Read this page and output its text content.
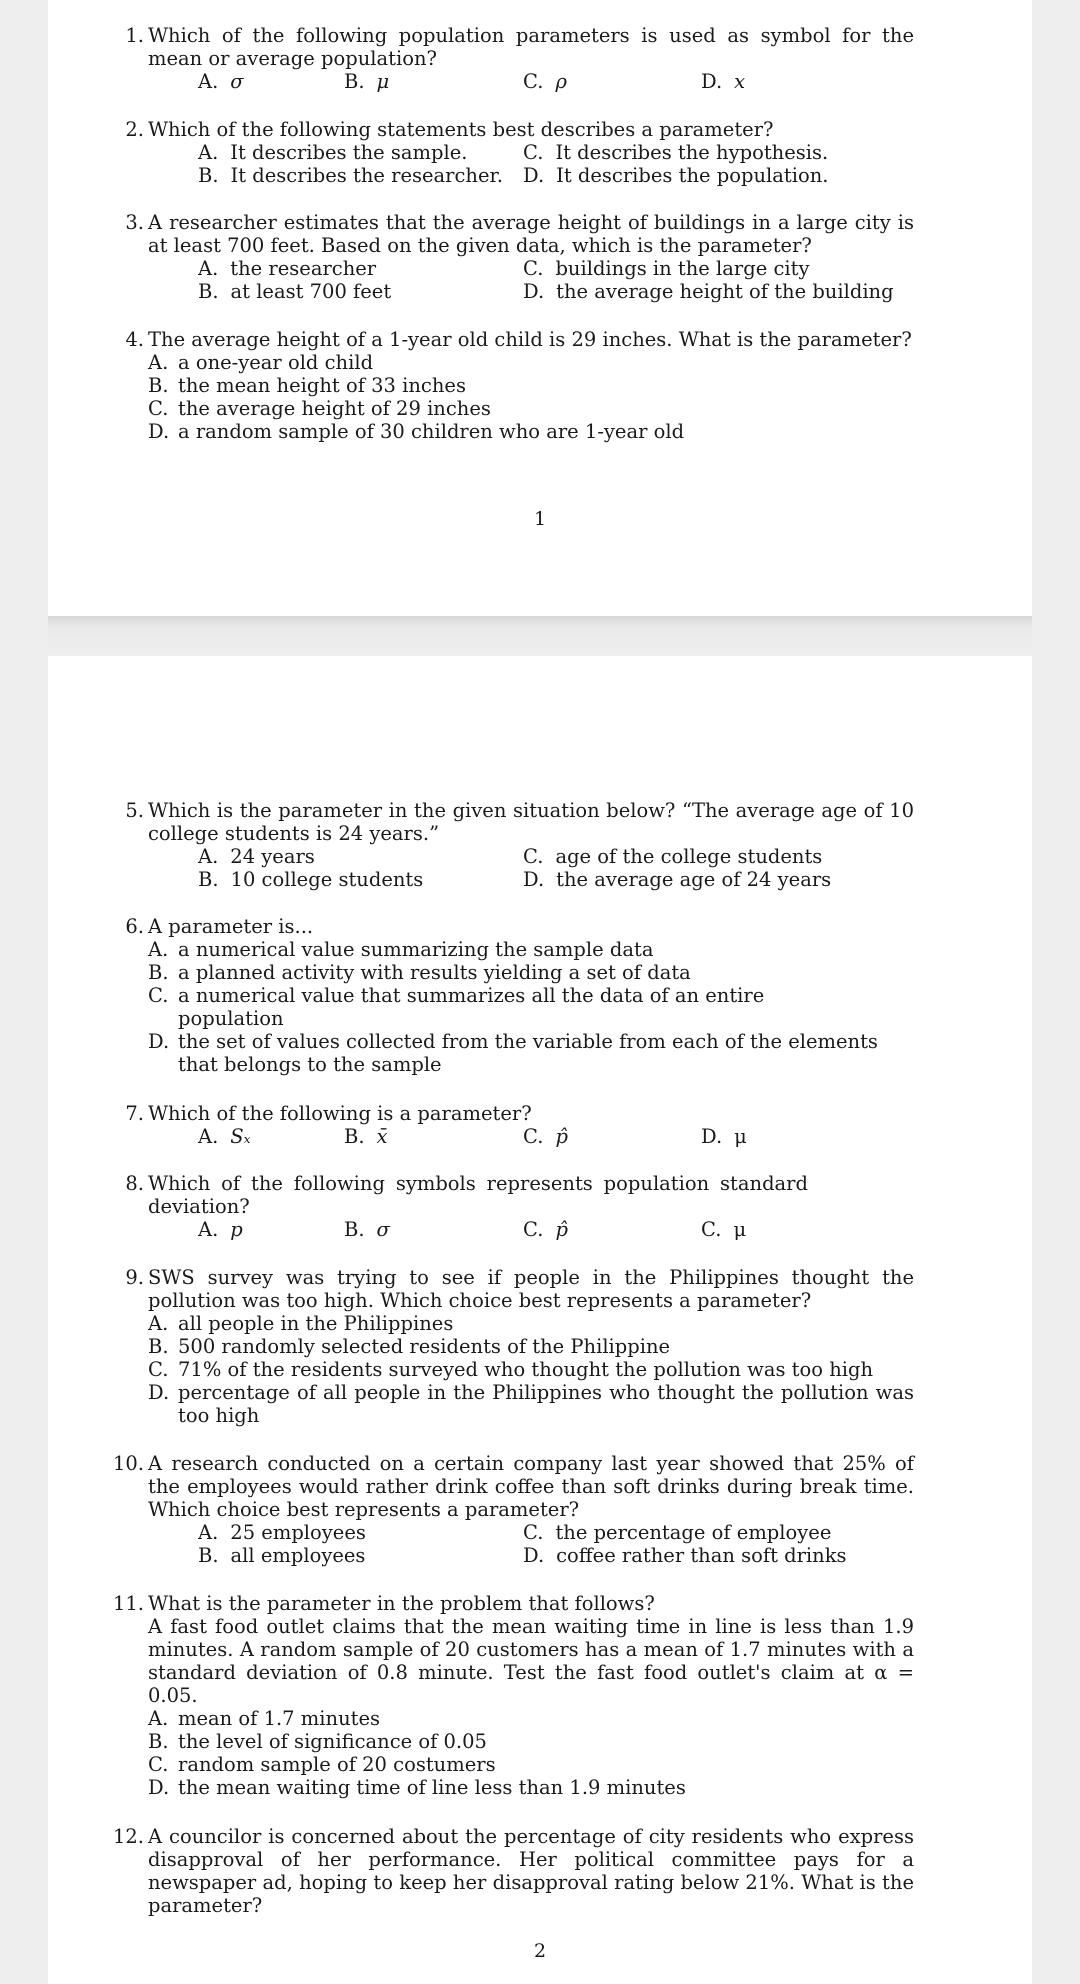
1. Which of the following population parameters is used as symbol for the mean or average population?
A. σ	B. μ	C. ρ	D. x
2. Which of the following statements best describes a parameter?
A. It describes the sample.	C. It describes the hypothesis.
B. It describes the researcher. D. It describes the population.
3. A researcher estimates that the average height of buildings in a large city is at least 700 feet. Based on the given data, which is the parameter?
A. the researcher	C. buildings in the large city
B. at least 700 feet	D. the average height of the building
4. The average height of a 1-year old child is 29 inches. What is the parameter?
A. a one-year old child
B. the mean height of 33 inches
C. the average height of 29 inches
D. a random sample of 30 children who are 1-year old
1
5. Which is the parameter in the given situation below? “The average age of 10 college students is 24 years.”
A. 24 years	C. age of the college students
B. 10 college students	D. the average age of 24 years
6. A parameter is...
A. a numerical value summarizing the sample data
B. a planned activity with results yielding a set of data
C. a numerical value that summarizes all the data of an entire population
D. the set of values collected from the variable from each of the elements that belongs to the sample
7. Which of the following is a parameter?
A. Sₓ	B. x̄	C. p̂	D. μ
8. Which of the following symbols represents population standard deviation?
A. p	B. σ	C. p̂	C. μ
9. SWS survey was trying to see if people in the Philippines thought the pollution was too high. Which choice best represents a parameter?
A. all people in the Philippines
B. 500 randomly selected residents of the Philippine
C. 71% of the residents surveyed who thought the pollution was too high
D. percentage of all people in the Philippines who thought the pollution was too high
10. A research conducted on a certain company last year showed that 25% of the employees would rather drink coffee than soft drinks during break time. Which choice best represents a parameter?
A. 25 employees	C. the percentage of employee
B. all employees	D. coffee rather than soft drinks
11. What is the parameter in the problem that follows?
A fast food outlet claims that the mean waiting time in line is less than 1.9 minutes. A random sample of 20 customers has a mean of 1.7 minutes with a standard deviation of 0.8 minute. Test the fast food outlet's claim at α = 0.05.
A. mean of 1.7 minutes
B. the level of significance of 0.05
C. random sample of 20 costumers
D. the mean waiting time of line less than 1.9 minutes
12. A councilor is concerned about the percentage of city residents who express disapproval of her performance. Her political committee pays for a newspaper ad, hoping to keep her disapproval rating below 21%. What is the parameter?
2
